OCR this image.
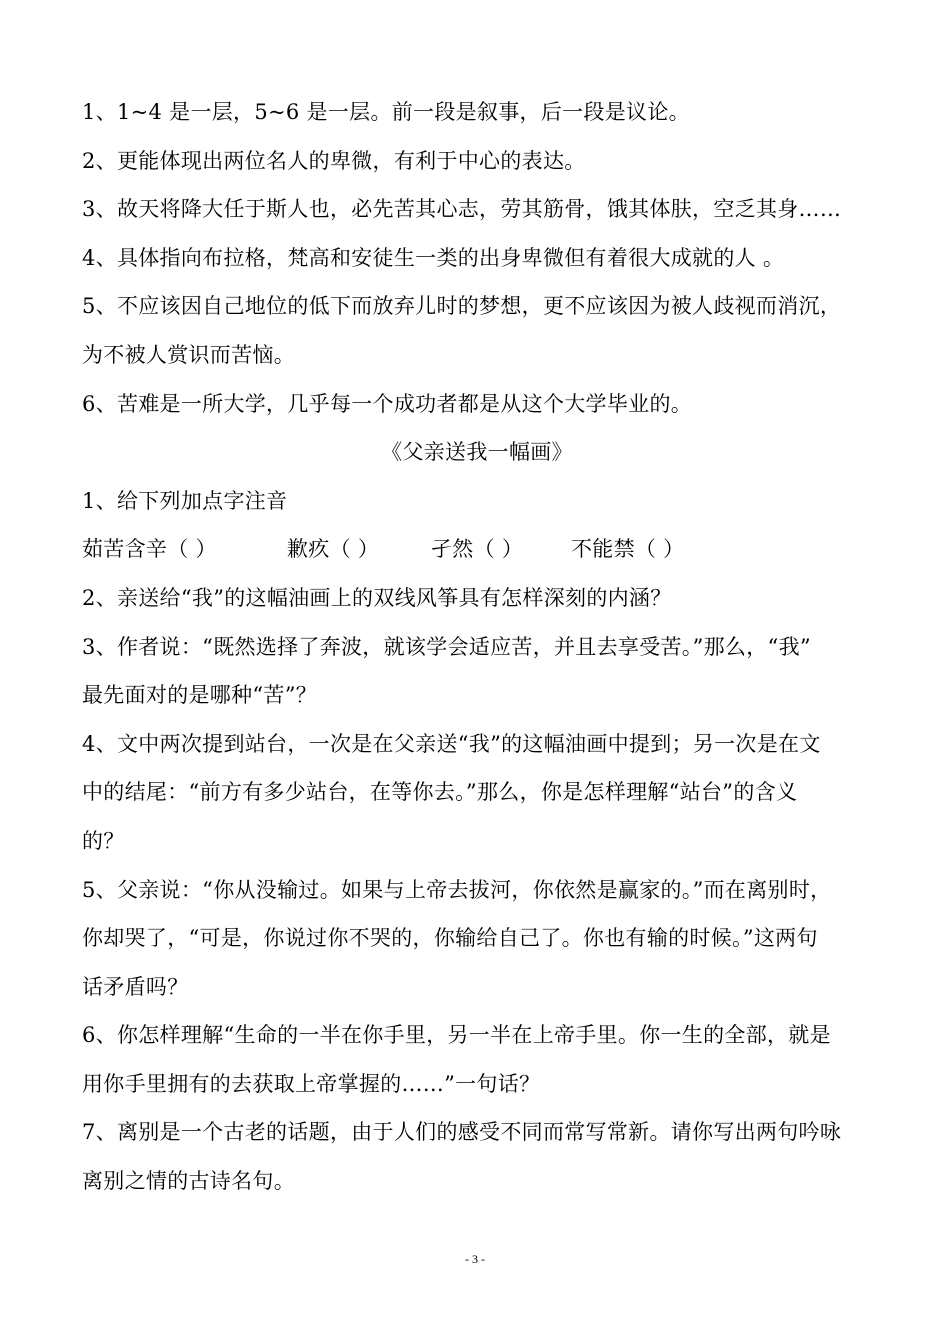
1、1~4 是一层，5~6 是一层。前一段是叙事，后一段是议论。
2、更能体现出两位名人的卑微，有利于中心的表达。
3、故天将降大任于斯人也，必先苦其心志，劳其筋骨，饿其体肤，空乏其身……
4、具体指向布拉格，梵高和安徒生一类的出身卑微但有着很大成就的人 。
5、不应该因自己地位的低下而放弃儿时的梦想，更不应该因为被人歧视而消沉，
为不被人赏识而苦恼。
6、苦难是一所大学，几乎每一个成功者都是从这个大学毕业的。
《父亲送我一幅画》
1、给下列加点字注音
茹苦含辛（ ）	歉疚（ ）	孑然（ ）	不能禁（ ）
2、亲送给“我”的这幅油画上的双线风筝具有怎样深刻的内涵？
3、作者说：“既然选择了奔波，就该学会适应苦，并且去享受苦。”那么，“我”
最先面对的是哪种“苦”？
4、文中两次提到站台，一次是在父亲送“我”的这幅油画中提到；另一次是在文
中的结尾：“前方有多少站台，在等你去。”那么，你是怎样理解“站台”的含义
的？
5、父亲说：“你从没输过。如果与上帝去拔河，你依然是赢家的。”而在离别时，
你却哭了，“可是，你说过你不哭的，你输给自己了。你也有输的时候。”这两句
话矛盾吗？
6、你怎样理解“生命的一半在你手里，另一半在上帝手里。你一生的全部，就是
用你手里拥有的去获取上帝掌握的……”一句话？
7、离别是一个古老的话题，由于人们的感受不同而常写常新。请你写出两句吟咏
离别之情的古诗名句。
- 3 -
